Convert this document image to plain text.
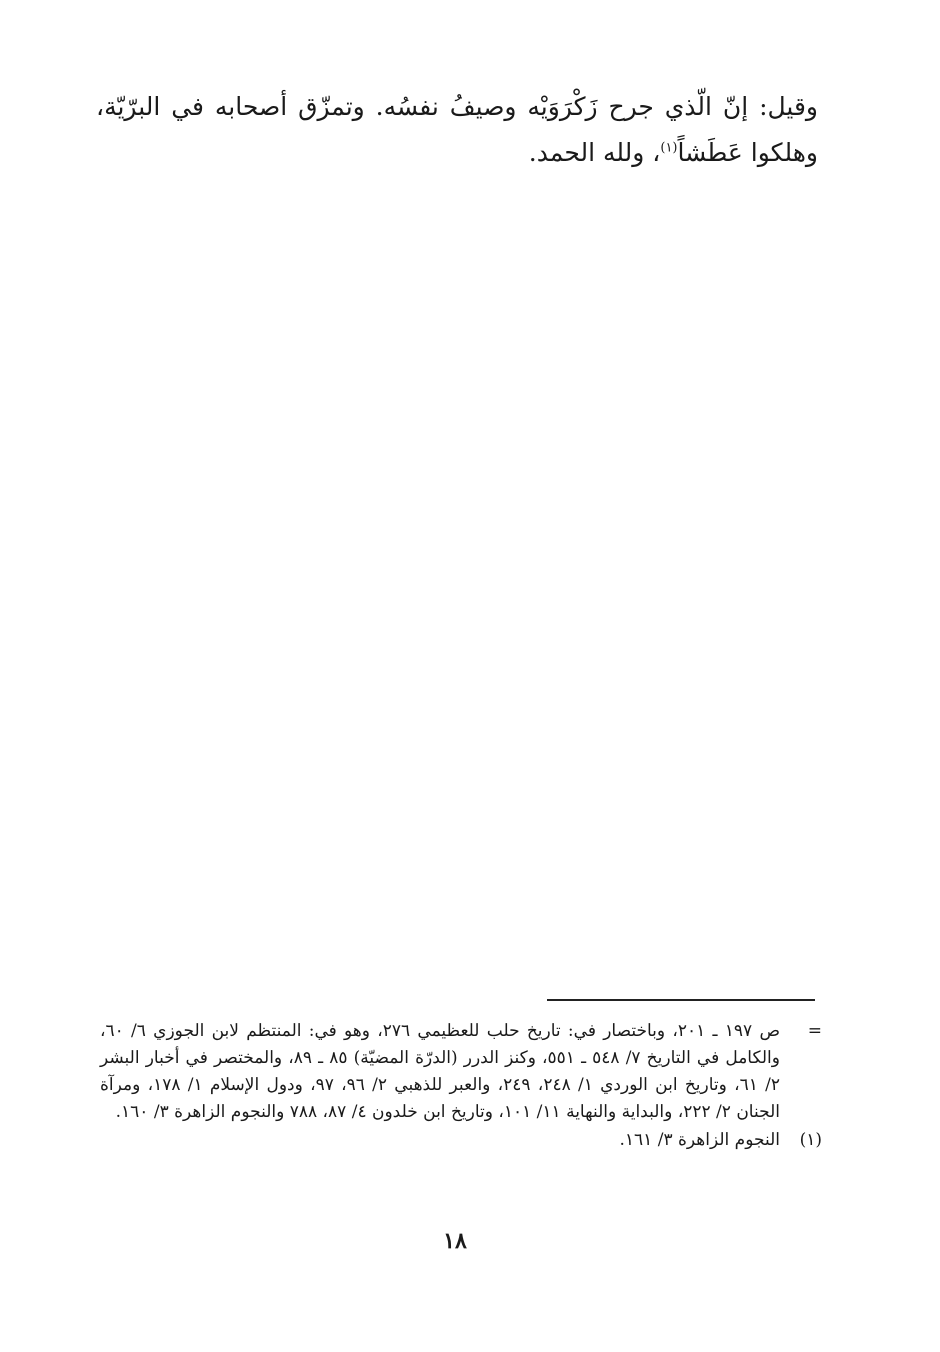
وقيل: إنّ الّذي جرح زَكْرَوَيْه وصيفُ نفسُه. وتمزّق أصحابه في البرّيّة، وهلكوا عَطَشاً$^{(١)}$، ولله الحمد.

=
ص ١٩٧ ـ ٢٠١، وباختصار في: تاريخ حلب للعظيمي ٢٧٦، وهو في: المنتظم لابن الجوزي ٦/ ٦٠، والكامل في التاريخ ٧/ ٥٤٨ ـ ٥٥١، وكنز الدرر (الدرّة المضيّة) ٨٥ ـ ٨٩، والمختصر في أخبار البشر ٢/ ٦١، وتاريخ ابن الوردي ١/ ٢٤٨، ٢٤٩، والعبر للذهبي ٢/ ٩٦، ٩٧، ودول الإسلام ١/ ١٧٨، ومرآة الجنان ٢/ ٢٢٢، والبداية والنهاية ١١/ ١٠١، وتاريخ ابن خلدون ٤/ ٨٧، ٧٨٨ والنجوم الزاهرة ٣/ ١٦٠.
(١)
النجوم الزاهرة ٣/ ١٦١.
١٨
